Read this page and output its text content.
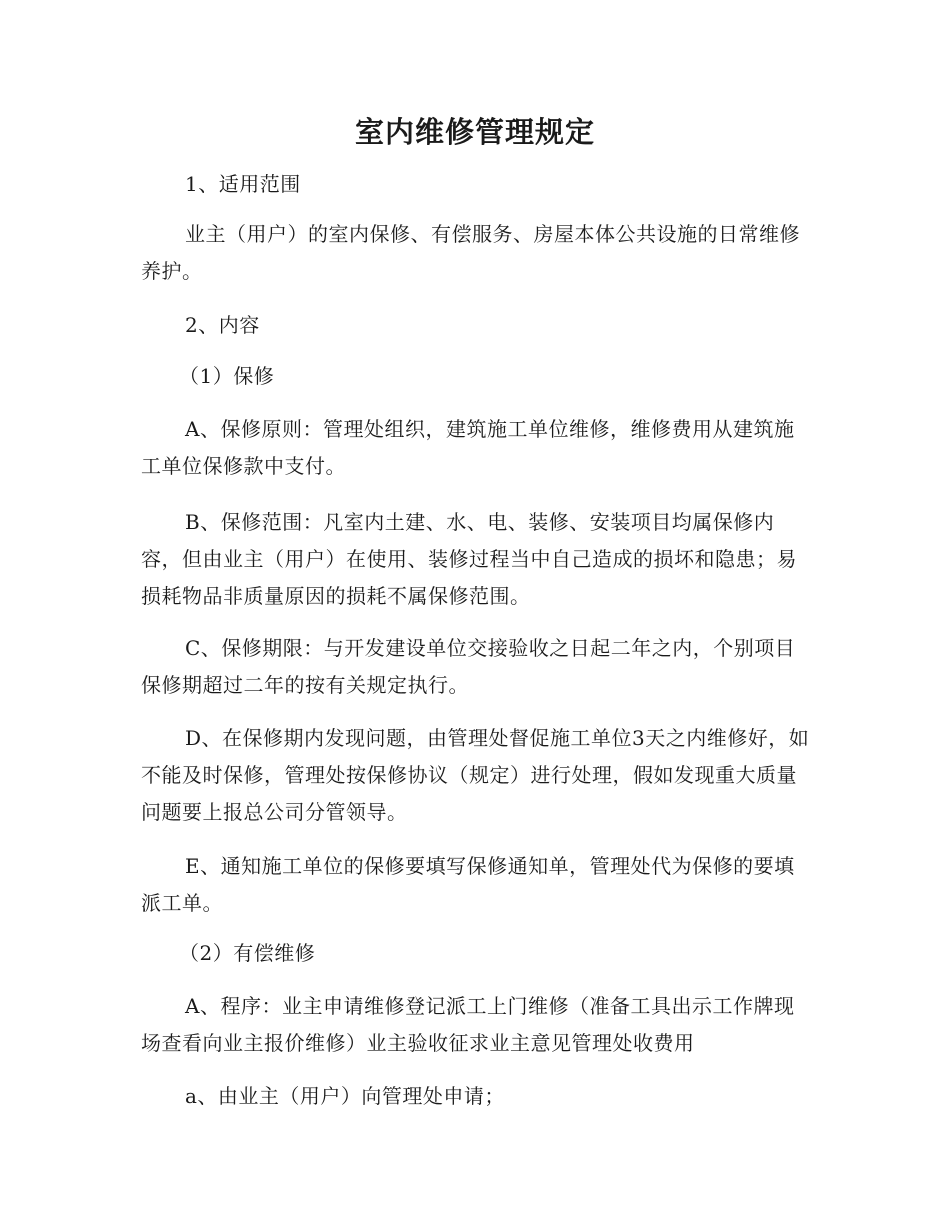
室内维修管理规定

1、适用范围

业主（用户）的室内保修、有偿服务、房屋本体公共设施的日常维修养护。

2、内容

（1）保修

A、保修原则：管理处组织，建筑施工单位维修，维修费用从建筑施工单位保修款中支付。

B、保修范围：凡室内土建、水、电、装修、安装项目均属保修内容，但由业主（用户）在使用、装修过程当中自己造成的损坏和隐患；易损耗物品非质量原因的损耗不属保修范围。

C、保修期限：与开发建设单位交接验收之日起二年之内，个别项目保修期超过二年的按有关规定执行。

D、在保修期内发现问题，由管理处督促施工单位3天之内维修好，如不能及时保修，管理处按保修协议（规定）进行处理，假如发现重大质量问题要上报总公司分管领导。

E、通知施工单位的保修要填写保修通知单，管理处代为保修的要填派工单。

（2）有偿维修

A、程序：业主申请维修登记派工上门维修（准备工具出示工作牌现场查看向业主报价维修）业主验收征求业主意见管理处收费用

a、由业主（用户）向管理处申请；
